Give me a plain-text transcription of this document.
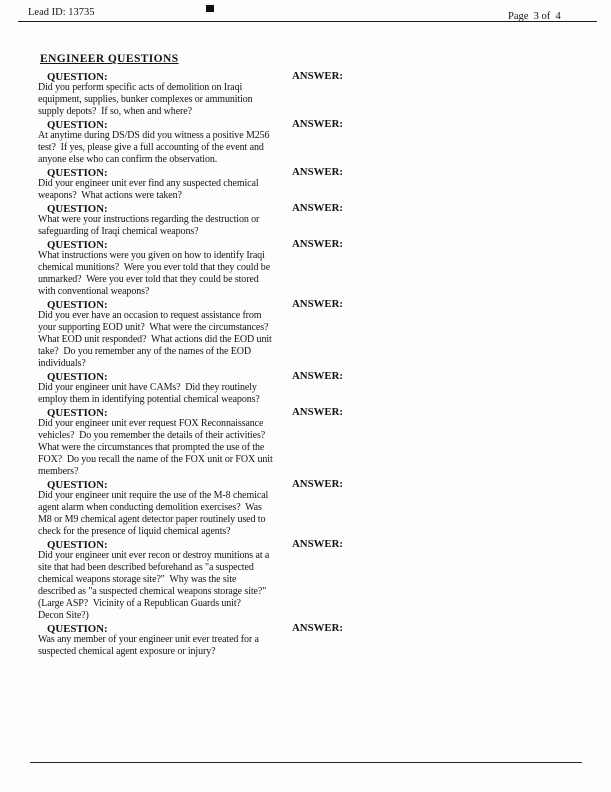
Lead ID: 13735	Page  3 of  4
ENGINEER QUESTIONS
QUESTION:	ANSWER:
Did you perform specific acts of demolition on Iraqi
equipment, supplies, bunker complexes or ammunition
supply depots?  If so, when and where?
QUESTION:	ANSWER:
At anytime during DS/DS did you witness a positive M256
test?  If yes, please give a full accounting of the event and
anyone else who can confirm the observation.
QUESTION:	ANSWER:
Did your engineer unit ever find any suspected chemical
weapons?  What actions were taken?
QUESTION:	ANSWER:
What were your instructions regarding the destruction or
safeguarding of Iraqi chemical weapons?
QUESTION:	ANSWER:
What instructions were you given on how to identify Iraqi
chemical munitions?  Were you ever told that they could be
unmarked?  Were you ever told that they could be stored
with conventional weapons?
QUESTION:	ANSWER:
Did you ever have an occasion to request assistance from
your supporting EOD unit?  What were the circumstances?
What EOD unit responded?  What actions did the EOD unit
take?  Do you remember any of the names of the EOD
individuals?
QUESTION:	ANSWER:
Did your engineer unit have CAMs?  Did they routinely
employ them in identifying potential chemical weapons?
QUESTION:	ANSWER:
Did your engineer unit ever request FOX Reconnaissance
vehicles?  Do you remember the details of their activities?
What were the circumstances that prompted the use of the
FOX?  Do you recall the name of the FOX unit or FOX unit
members?
QUESTION:	ANSWER:
Did your engineer unit require the use of the M-8 chemical
agent alarm when conducting demolition exercises?  Was
M8 or M9 chemical agent detector paper routinely used to
check for the presence of liquid chemical agents?
QUESTION:	ANSWER:
Did your engineer unit ever recon or destroy munitions at a
site that had been described beforehand as "a suspected
chemical weapons storage site?"  Why was the site
described as "a suspected chemical weapons storage site?"
(Large ASP?  Vicinity of a Republican Guards unit?
Decon Site?)
QUESTION:	ANSWER:
Was any member of your engineer unit ever treated for a
suspected chemical agent exposure or injury?
